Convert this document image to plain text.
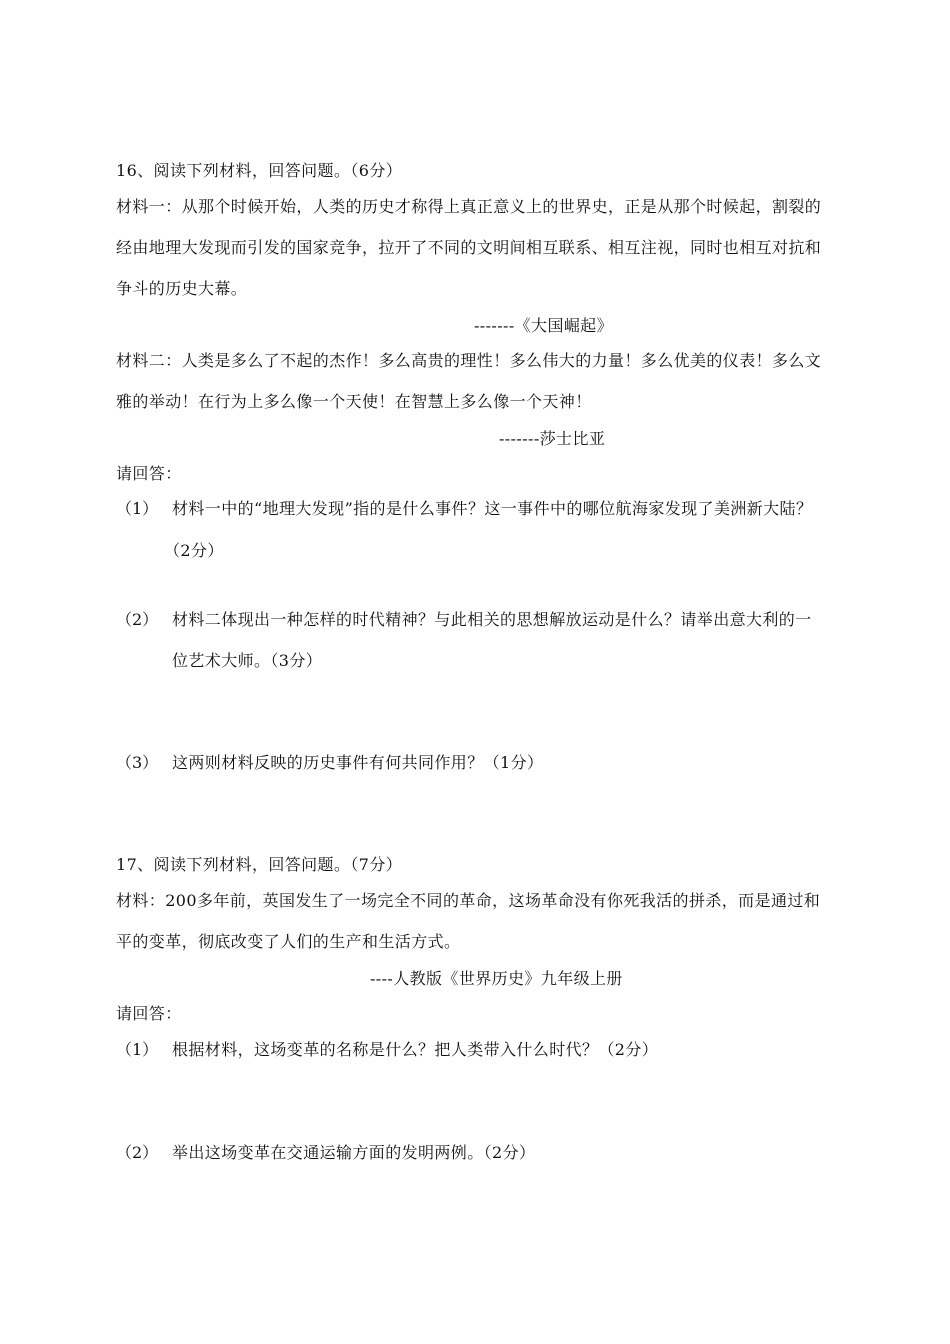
16、阅读下列材料，回答问题。（6分）
材料一：从那个时候开始，人类的历史才称得上真正意义上的世界史，正是从那个时候起，割裂的
经由地理大发现而引发的国家竞争，拉开了不同的文明间相互联系、相互注视，同时也相互对抗和
争斗的历史大幕。
-------《大国崛起》
材料二：人类是多么了不起的杰作！多么高贵的理性！多么伟大的力量！多么优美的仪表！多么文
雅的举动！在行为上多么像一个天使！在智慧上多么像一个天神！
-------莎士比亚
请回答：
（1） 材料一中的“地理大发现”指的是什么事件？这一事件中的哪位航海家发现了美洲新大陆？
（2分）
（2） 材料二体现出一种怎样的时代精神？与此相关的思想解放运动是什么？请举出意大利的一
位艺术大师。（3分）
（3） 这两则材料反映的历史事件有何共同作用？（1分）
17、阅读下列材料，回答问题。（7分）
材料：200多年前，英国发生了一场完全不同的革命，这场革命没有你死我活的拼杀，而是通过和
平的变革，彻底改变了人们的生产和生活方式。
----人教版《世界历史》九年级上册
请回答：
（1） 根据材料，这场变革的名称是什么？把人类带入什么时代？（2分）
（2） 举出这场变革在交通运输方面的发明两例。（2分）
